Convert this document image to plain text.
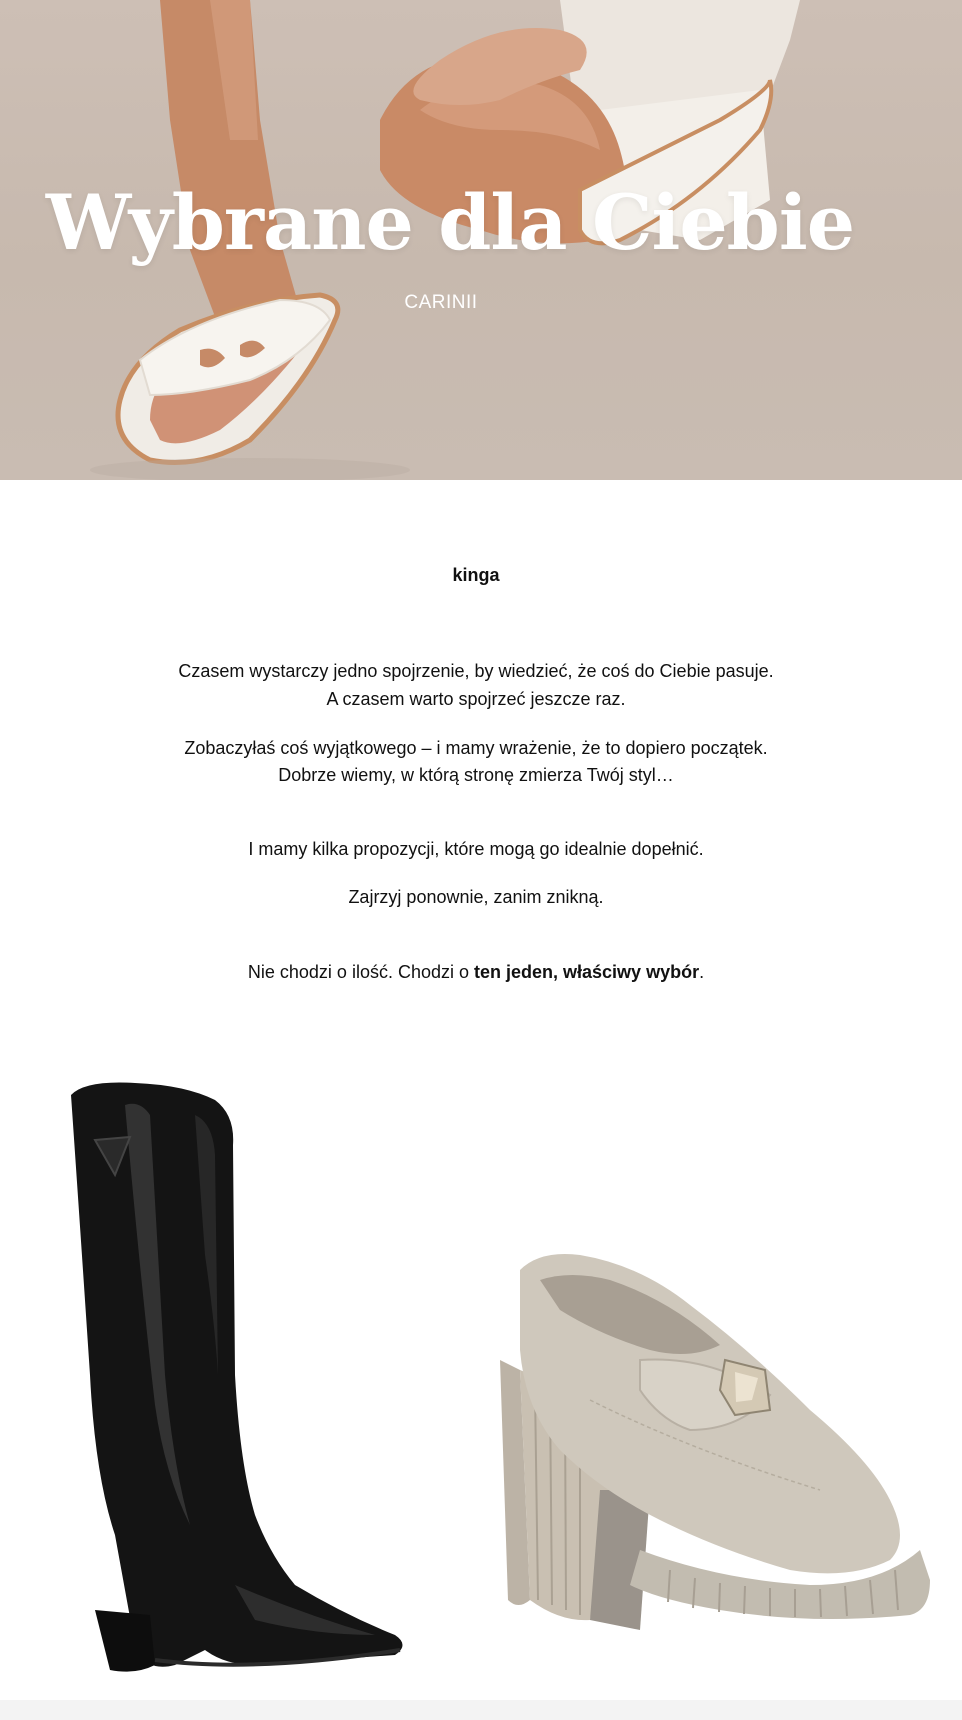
Wybrane dla Ciebie
CARINII
kinga

Czasem wystarczy jedno spojrzenie, by wiedzieć, że coś do Ciebie pasuje.

A czasem warto spojrzeć jeszcze raz.

Zobaczyłaś coś wyjątkowego – i mamy wrażenie, że to dopiero początek.

Dobrze wiemy, w którą stronę zmierza Twój styl…

I mamy kilka propozycji, które mogą go idealnie dopełnić.

Zajrzyj ponownie, zanim znikną.

Nie chodzi o ilość. Chodzi o ten jeden, właściwy wybór.
